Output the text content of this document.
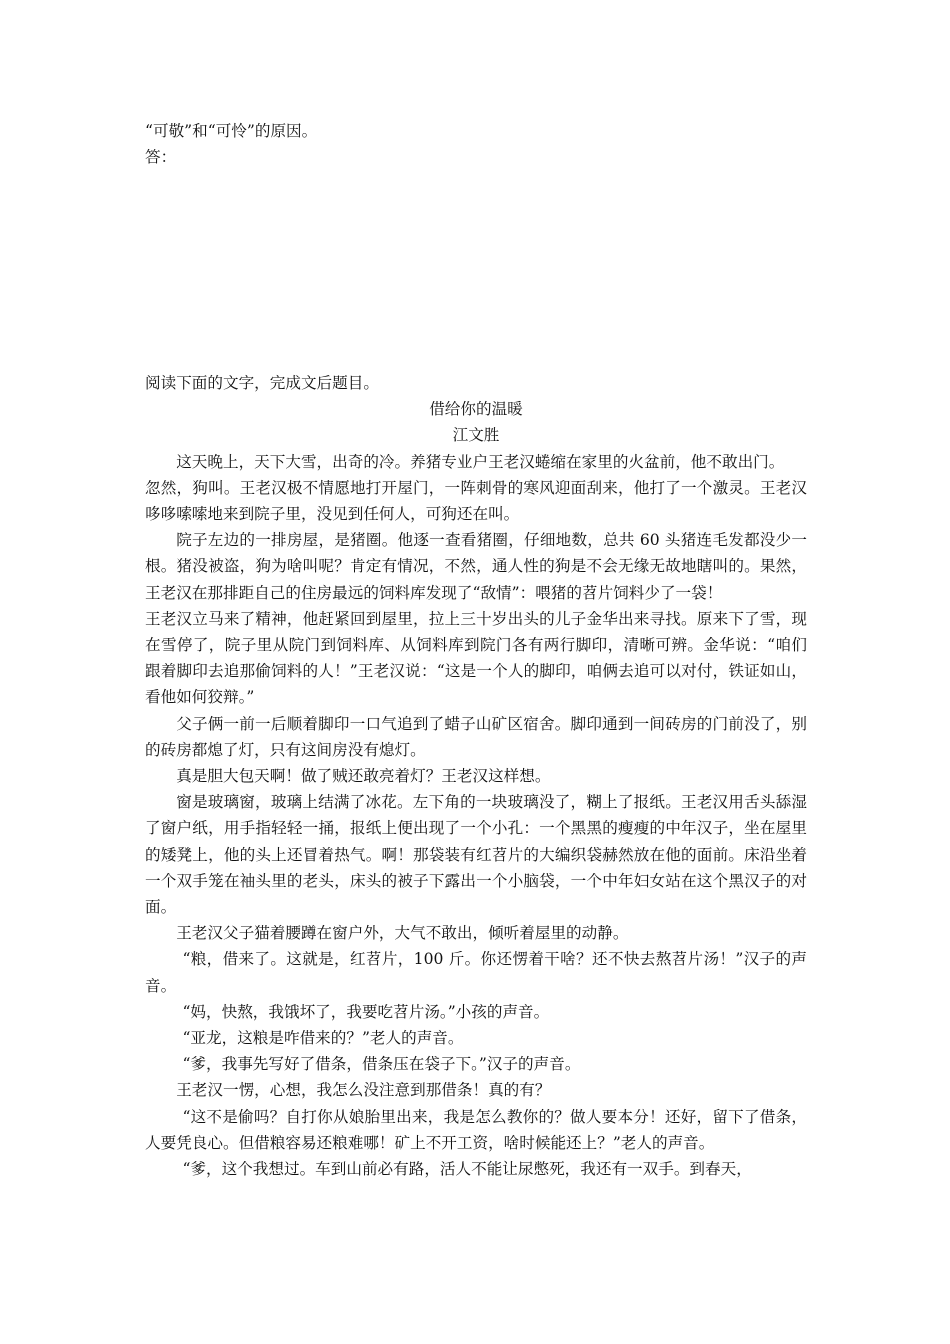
“可敬”和“可怜”的原因。

答：

阅读下面的文字，完成文后题目。

借给你的温暖

江文胜

这天晚上，天下大雪，出奇的冷。养猪专业户王老汉蜷缩在家里的火盆前，他不敢出门。

忽然，狗叫。王老汉极不情愿地打开屋门，一阵刺骨的寒风迎面刮来，他打了一个激灵。王老汉哆哆嗦嗦地来到院子里，没见到任何人，可狗还在叫。

院子左边的一排房屋，是猪圈。他逐一查看猪圈，仔细地数，总共 60 头猪连毛发都没少一根。猪没被盗，狗为啥叫呢？肯定有情况，不然，通人性的狗是不会无缘无故地瞎叫的。果然，王老汉在那排距自己的住房最远的饲料库发现了“敌情”：喂猪的苕片饲料少了一袋！

王老汉立马来了精神，他赶紧回到屋里，拉上三十岁出头的儿子金华出来寻找。原来下了雪，现在雪停了，院子里从院门到饲料库、从饲料库到院门各有两行脚印，清晰可辨。金华说：“咱们跟着脚印去追那偷饲料的人！”王老汉说：“这是一个人的脚印，咱俩去追可以对付，铁证如山，看他如何狡辩。”

父子俩一前一后顺着脚印一口气追到了蜡子山矿区宿舍。脚印通到一间砖房的门前没了，别的砖房都熄了灯，只有这间房没有熄灯。

真是胆大包天啊！做了贼还敢亮着灯？王老汉这样想。

窗是玻璃窗，玻璃上结满了冰花。左下角的一块玻璃没了，糊上了报纸。王老汉用舌头舔湿了窗户纸，用手指轻轻一捅，报纸上便出现了一个小孔：一个黑黑的瘦瘦的中年汉子，坐在屋里的矮凳上，他的头上还冒着热气。啊！那袋装有红苕片的大编织袋赫然放在他的面前。床沿坐着一个双手笼在袖头里的老头，床头的被子下露出一个小脑袋，一个中年妇女站在这个黑汉子的对面。

王老汉父子猫着腰蹲在窗户外，大气不敢出，倾听着屋里的动静。

“粮，借来了。这就是，红苕片，100 斤。你还愣着干啥？还不快去熬苕片汤！”汉子的声音。

“妈，快熬，我饿坏了，我要吃苕片汤。”小孩的声音。

“亚龙，这粮是咋借来的？”老人的声音。

“爹，我事先写好了借条，借条压在袋子下。”汉子的声音。

王老汉一愣，心想，我怎么没注意到那借条！真的有？

“这不是偷吗？自打你从娘胎里出来，我是怎么教你的？做人要本分！还好，留下了借条，人要凭良心。但借粮容易还粮难哪！矿上不开工资，啥时候能还上？”老人的声音。

“爹，这个我想过。车到山前必有路，活人不能让尿憋死，我还有一双手。到春天，
